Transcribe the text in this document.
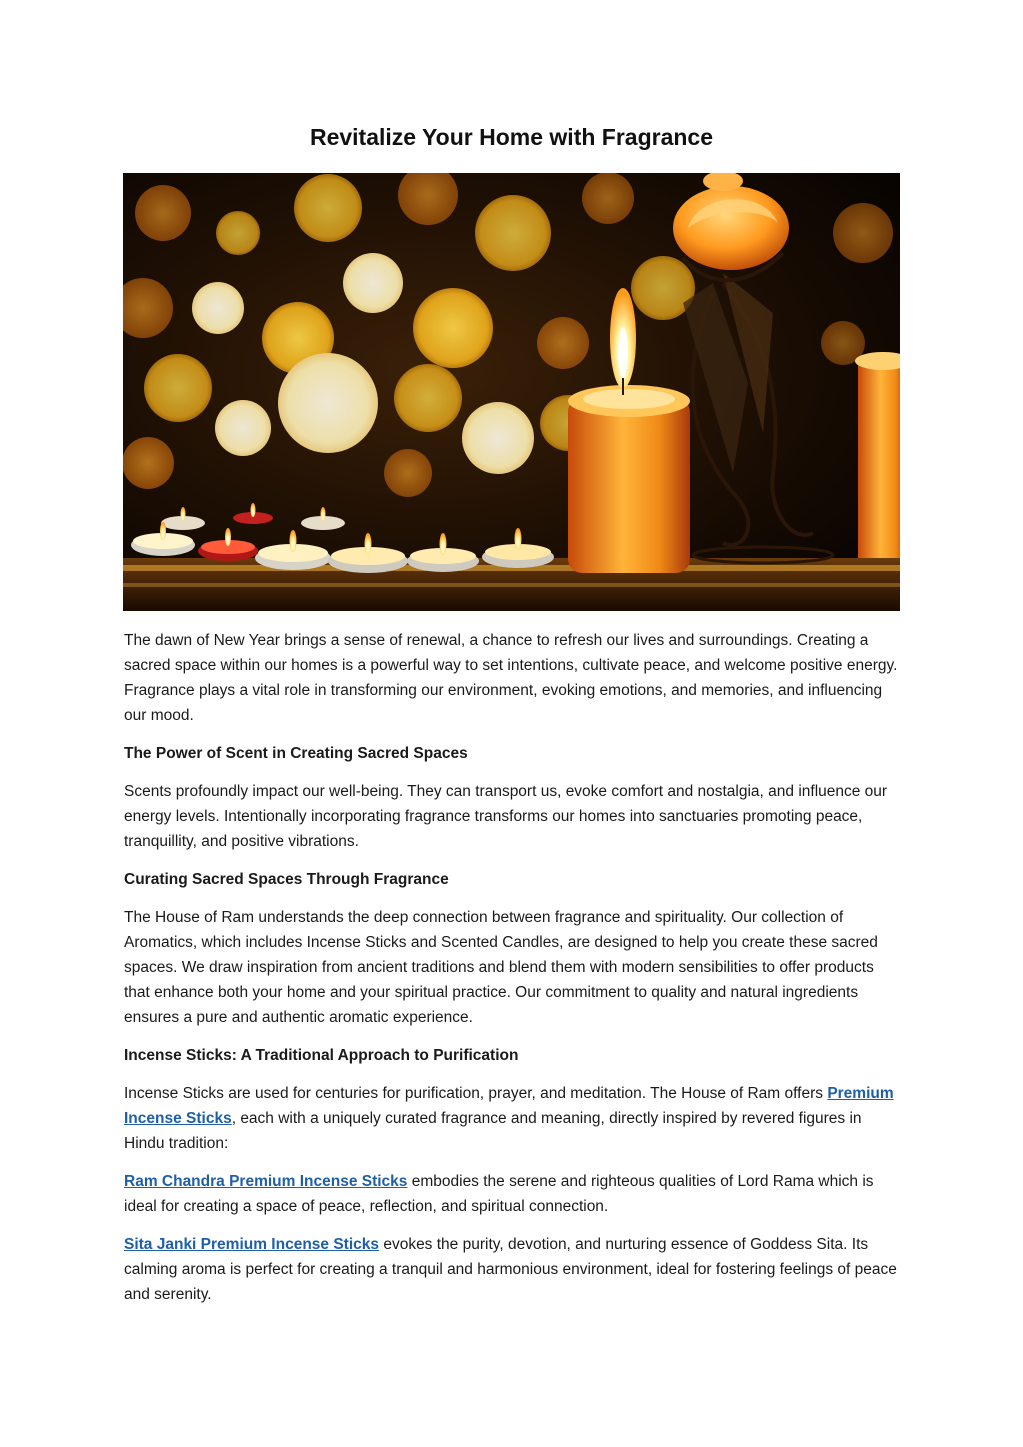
Revitalize Your Home with Fragrance

The dawn of New Year brings a sense of renewal, a chance to refresh our lives and surroundings. Creating a sacred space within our homes is a powerful way to set intentions, cultivate peace, and welcome positive energy. Fragrance plays a vital role in transforming our environment, evoking emotions, and memories, and influencing our mood.

The Power of Scent in Creating Sacred Spaces

Scents profoundly impact our well-being. They can transport us, evoke comfort and nostalgia, and influence our energy levels. Intentionally incorporating fragrance transforms our homes into sanctuaries promoting peace, tranquillity, and positive vibrations.

Curating Sacred Spaces Through Fragrance

The House of Ram understands the deep connection between fragrance and spirituality. Our collection of Aromatics, which includes Incense Sticks and Scented Candles, are designed to help you create these sacred spaces. We draw inspiration from ancient traditions and blend them with modern sensibilities to offer products that enhance both your home and your spiritual practice. Our commitment to quality and natural ingredients ensures a pure and authentic aromatic experience.

Incense Sticks: A Traditional Approach to Purification

Incense Sticks are used for centuries for purification, prayer, and meditation. The House of Ram offers Premium Incense Sticks, each with a uniquely curated fragrance and meaning, directly inspired by revered figures in Hindu tradition:

Ram Chandra Premium Incense Sticks embodies the serene and righteous qualities of Lord Rama which is ideal for creating a space of peace, reflection, and spiritual connection.

Sita Janki Premium Incense Sticks evokes the purity, devotion, and nurturing essence of Goddess Sita. Its calming aroma is perfect for creating a tranquil and harmonious environment, ideal for fostering feelings of peace and serenity.
